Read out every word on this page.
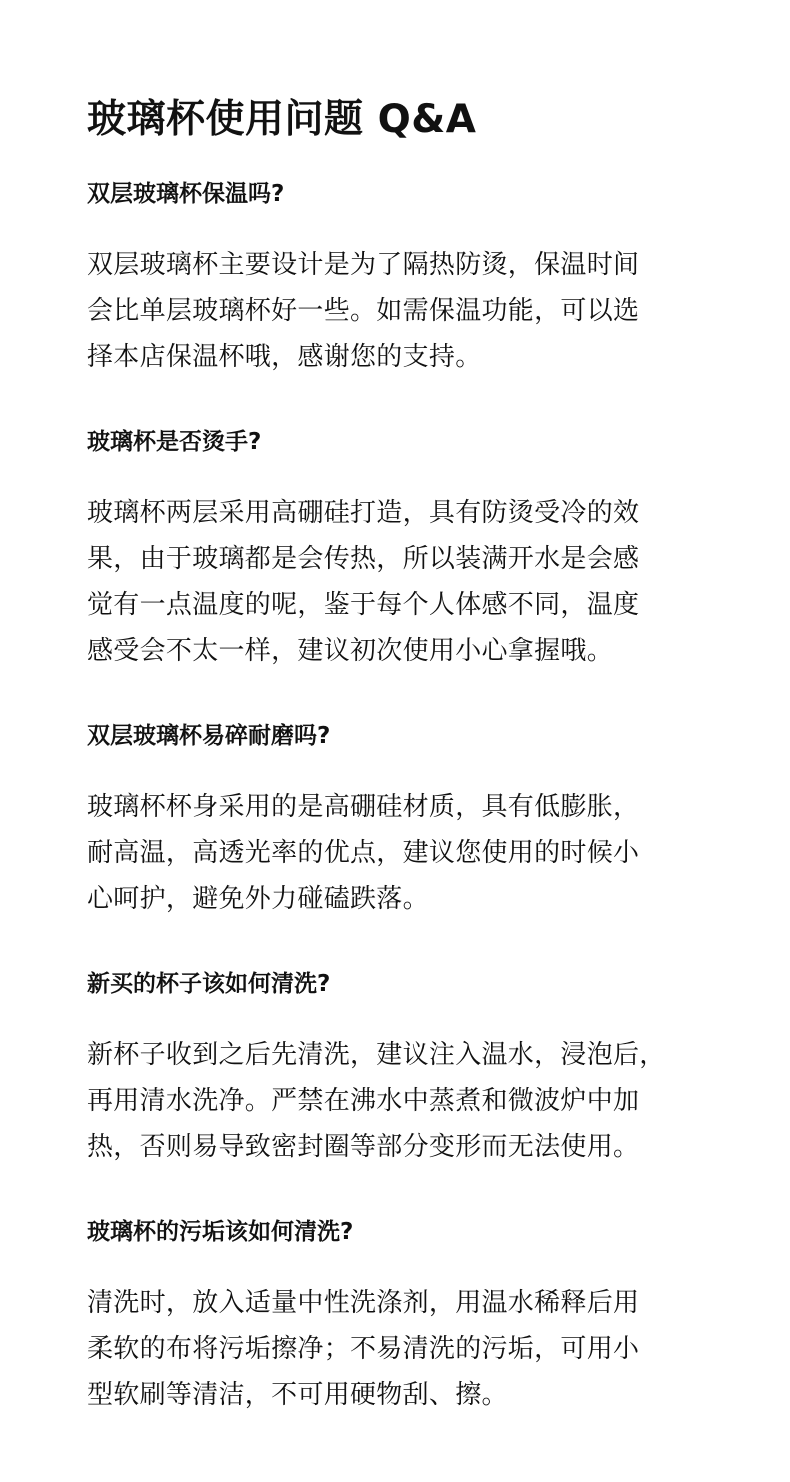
玻璃杯使用问题 Q&A
双层玻璃杯保温吗?

双层玻璃杯主要设计是为了隔热防烫，保温时间
会比单层玻璃杯好一些。如需保温功能，可以选
择本店保温杯哦，感谢您的支持。

玻璃杯是否烫手?

玻璃杯两层采用高硼硅打造，具有防烫受冷的效
果，由于玻璃都是会传热，所以装满开水是会感
觉有一点温度的呢，鉴于每个人体感不同，温度
感受会不太一样，建议初次使用小心拿握哦。

双层玻璃杯易碎耐磨吗?

玻璃杯杯身采用的是高硼硅材质，具有低膨胀，
耐高温，高透光率的优点，建议您使用的时候小
心呵护，避免外力碰磕跌落。

新买的杯子该如何清洗?

新杯子收到之后先清洗，建议注入温水，浸泡后，
再用清水洗净。严禁在沸水中蒸煮和微波炉中加
热，否则易导致密封圈等部分变形而无法使用。

玻璃杯的污垢该如何清洗?

清洗时，放入适量中性洗涤剂，用温水稀释后用
柔软的布将污垢擦净；不易清洗的污垢，可用小
型软刷等清洁，不可用硬物刮、擦。
